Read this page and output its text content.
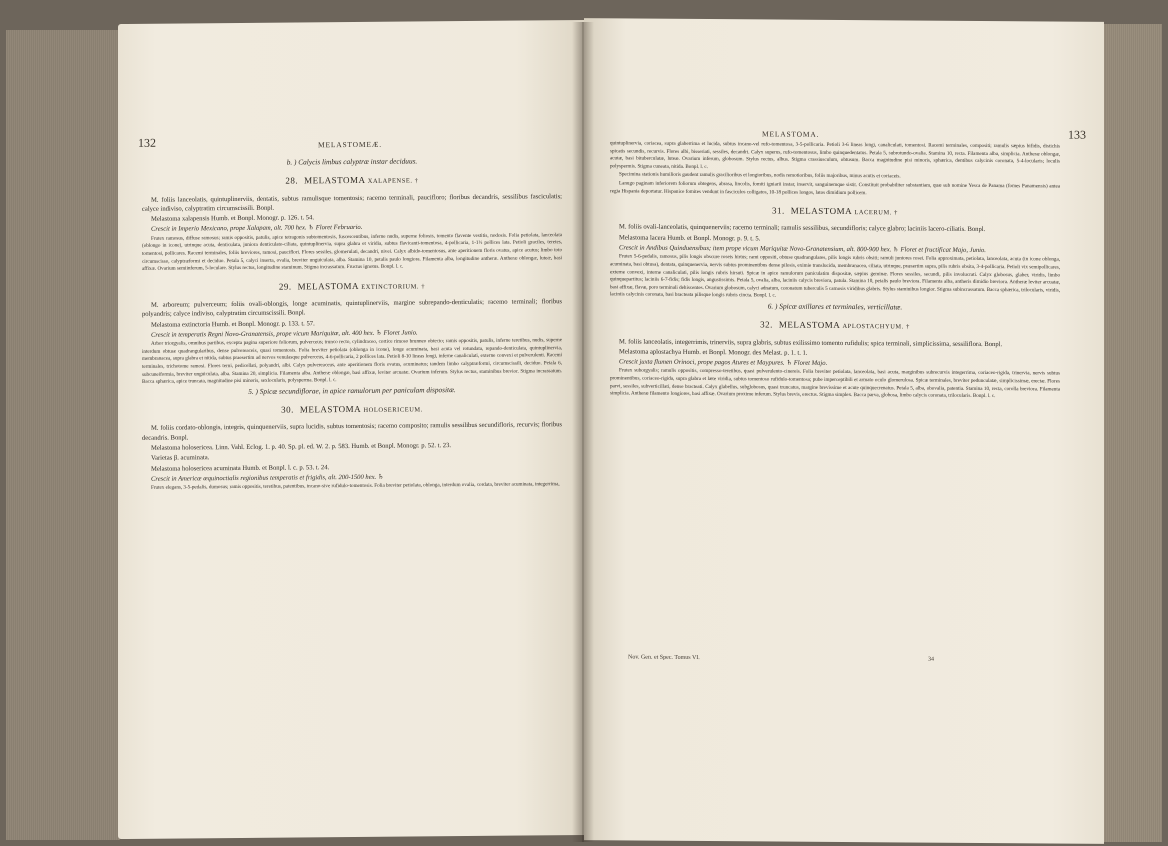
132	MELASTOMEÆ.

b. ) Calycis limbus calyptræ instar deciduus.

28. MELASTOMA XALAPENSE. †

M. foliis lanceolatis, quintuplinerviis, dentatis, subtus ramulisque tomentosis; racemo terminali, paucifloro; floribus decandris, sessilibus fasciculatis; calyce indiviso, calyptratim circumscissili. Bonpl.

Melastoma xalapensis Humb. et Bonpl. Monogr. p. 126. t. 54.

Crescit in Imperio Mexicano, prope Xalapam, alt. 700 hex. ♄ Floret Februario.

Frutex ramosus, diffuse ramosus; ramis oppositis, patulis, apice tetragonis subtomentosis, fuscescentibus, inferne nudis, superne foliosis, tomento flavente vestitis, nodosis. Folia petiolata, lanceolata (oblongo in icone), utrinque acuta, denticulata, juniora denticulato-ciliata, quintuplinervia, supra glabra et viridia, subtus flavicanti-tomentosa, 4-pollicaria, 1-1½ pollices lata. Petioli graciles, teretes, tomentosi, pollicares. Racemi terminales, foliis breviores, ramosi, pauciflori. Flores sessiles, glomerulati, decandri, nivei. Calyx albido-tomentosus, ante aperitionem floris ovatus, apice acutus; limbo toto circumscisso, calyptræformi et deciduo. Petala 5, calyci inserta, ovalia, breviter unguiculata, alba. Stamina 10, petalis paulo longiora. Filamenta alba, longitudine antheræ. Antheræ oblongæ, luteæ, basi affixæ. Ovarium semiinferum, 5-loculare. Stylus rectus, longitudine staminum. Stigma incrassatum. Fructus ignotus. Bonpl. l. c.

29. MELASTOMA EXTINCTORIUM. †

M. arboreum; pulverceum; foliis ovali-oblongis, longe acuminatis, quintuplinerviis, margine subrepando-denticulatis; racemo terminali; floribus polyandris; calyce indiviso, calyptratim circumscissili. Bonpl.

Melastoma extinctoria Humb. et Bonpl. Monogr. p. 133. t. 57.

Crescit in temperatis Regni Novo-Granatensis, prope vicum Mariquitæ, alt. 400 hex. ♄ Floret Junio.

Arbor triorgyalis, omnibus partibus, excepta pagina superiore foliorum, pulverceus; trunco recto, cylindraceo, cortice rimoso brunneo obtecto; ramis oppositis, patulis, inferne teretibus, nudis, superne interdum obtuse quadrangularibus, dense pulvereaceis, quasi tomentosis. Folia breviter petiolata (oblonga in icone), longe acuminata, basi acuta vel rotundata, repando-denticulata, quintuplinervia, membranacea, supra glabra et nitida, subtus praesertim ad nervos venulasque pulverceus, 4-6-pollicaria, 2 pollices lata. Petioli 8-10 lineas longi, inferne canaliculati, externe convexi et pulverulenti. Racemi terminales, trichotome ramosi. Flores terni, pedicellati, polyandri, albi. Calyx pulvereaceus, ante aperitionem floris ovatus, acuminatus; tandem limbo calyptræformi, circumscissili, deciduo. Petala 6, subcuneiformia, breviter unguiculata, alba. Stamina 20, simplicia. Filamenta alba. Antheræ oblongæ, basi affixæ, leviter arcuatæ. Ovarium inferum. Stylus rectus, staminibus brevior. Stigma incrassatum. Bacca sphærica, apice truncata, magnitudine pisi minoris, sexlocularis, polysperma. Bonpl. l. c.

5. ) Spicæ secundiflorae, in apice ramulorum per paniculam dispositæ.

30. MELASTOMA HOLOSERICEUM.

M. foliis cordato-oblongis, integris, quinquenerviis, supra lucidis, subtus tomentosis; racemo composito; ramulis sessilibus secundifloris, recurvis; floribus decandris. Bonpl.

Melastoma holosericea. Linn. Vahl. Eclog. 1. p. 40. Sp. pl. ed. W. 2. p. 583. Humb. et Bonpl. Monogr. p. 52. t. 23.

Varietas β. acuminata.

Melastoma holosericea acuminata Humb. et Bonpl. l. c. p. 53. t. 24.

Crescit in Americæ æquinoctialis regionibus temperatis et frigidis, alt. 200-1500 hex. ♄

Frutex elegans, 3-5-pedalis, dumosus; ramis oppositis, teretibus, patentibus, incano-sive rufidulo-tomentosis. Folia breviter petiolata, oblonga, interdum ovalia, cordata, breviter acuminata, integerrima,

MELASTOMA.	133

quintuplinervia, coriacea, supra glaberrima et lucida, subtus incano-vel rufo-tomentosa, 3-5-pollicaria. Petioli 3-6 lineas longi, canaliculati, tomentosi. Racemi terminales, compositi; ramulis sæpius bifidis, distichis spicatis secundis, recurvis. Flores albi, bisseriati, sessiles, decandri. Calyx superus, rufo-tomentosus, limbo quinquedentatus. Petala 5, subrotundo-ovalia. Stamina 10, recta. Filamenta alba, simplicia. Antheræ oblongæ, acutæ, basi bituberculatæ, luteæ. Ovarium inferum, globosum. Stylus rectus, albus. Stigma crassiusculum, obtusum. Bacca magnitudine pisi minoris, sphærica, dentibus calycinis coronata, 5-4-locularis; loculis polyspermis. Stigma cuneata, nitida. Bonpl. l. c.

Specimina stationis humilioris gaudent ramulis gracilioribus et longioribus, nodis remotioribus, foliis majoribus, minus acutis et coriaceis.

Lanugo paginam inferiorem foliorum obtegens, abrasa, lincolis, fomiti igniarii instar, inservit, sanguinemque sistit. Constituit probabiliter substantiam, quæ sub nomine Yesca de Panama (fomes Panamensis) antea regia Hispania deportatur. Hispanice fomites vendunt in fasciculos colligatos, 10-18 pollices longos, latos dimidium pollicem.

31. MELASTOMA LACERUM. †

M. foliis ovali-lanceolatis, quinquenerviis; racemo terminali; ramulis sessilibus, secundifloris; calyce glabro; laciniis lacero-ciliatis. Bonpl.

Melastoma lacera Humb. et Bonpl. Monogr. p. 9. t. 5.

Crescit in Andibus Quinduensibus; item prope vicum Mariquitæ Novo-Granatensium, alt. 800-900 hex. ♄ Floret et fructificat Majo, Junio.

Frutex 5-6-pedalis, ramosus, pilis longis obscure roseis hirtus; rami oppositi, obtuse quadrangulares, pilis longis rubris obsiti; ramuli juniores rosei. Folia approximata, petiolata, lanceolata, acuta (in icone oblonga, acuminata, basi obtusa), dentata, quinquenervia, nervis subtus prominentibus dense pilosis, eximie translucida, membranacea, ciliata, utrinque, præsertim supra, pilis rubris obsita, 3-4-pollicaria. Petioli vix semipollicares, externe convexi, interne canaliculati, pilis longis rubris hirsuti. Spicæ in apice ramulorum paniculatim dispositæ, sæpius geminæ. Flores sessiles, secundi, pilis involucrati. Calyx globosus, glaber, viridis, limbo quinquepartitus; laciniis 6-7-fidis; fidis longis, angustissimis. Petala 5, ovalia, alba, laciniis calycis breviora, patula. Stamina 10, petalis paulo breviora. Filamenta alba, antheris dimidio breviora. Antheræ leviter arcuatæ, basi affixæ, flavæ, poro terminali dehiscentes. Ovarium globosum, calyci adnatum, coronatum tuberculis 5 carnosis viridibus glabris. Stylus staminibus longior. Stigma subincrassatum. Bacca sphærica, trilocularis, viridis, laciniis calycinis coronata, basi bracteata pilisque longis rubris cincta. Bonpl. l. c.

6. ) Spicæ axillares et terminales, verticillatæ.

32. MELASTOMA APLOSTACHYUM. †

M. foliis lanceolatis, integerrimis, trinerviis, supra glabris, subtus exilissimo tomento rufidulis; spica terminali, simplicissima, sessiliflora. Bonpl.

Melastoma aplostachya Humb. et Bonpl. Monogr. des Melast. p. 1. t. 1.

Crescit juxta flumen Orinoci, prope pagos Atures et Maypures. ♄ Floret Majo.

Frutex suborgyalis; ramulis oppositis, compresso-teretibus, quasi pulverulento-cinereis. Folia breviter petiolata, lanceolata, basi acuta, marginibus subrecurvis integerrima, coriaceo-rigida, trinervia, nervis subtus prominentibus, coriaceo-rigida, supra glabra et læte viridia, subtus tomentoso rufidulo-tomentosa; pube imperceptibili et armato oculo glomerulosa. Spicæ terminales, breviter pedunculatæ, simplicissimæ, erectæ. Flores parvi, sessiles, subverticillati, dense bracteati. Calyx glabellus, subglobosus, quasi truncatus, margine brevissime et acute quinquecrenatus. Petala 5, alba, obovalia, patentia. Stamina 10, recta, corolla breviora. Filamenta simplicia. Antheræ filamento longiores, basi affixæ. Ovarium proxime inferum. Stylus brevis, erectus. Stigma simplex. Bacca parva, globosa, limbo calycis coronata, trilocularis. Bonpl. l. c.

Nov. Gen. et Spec. Tomus VI.	34
